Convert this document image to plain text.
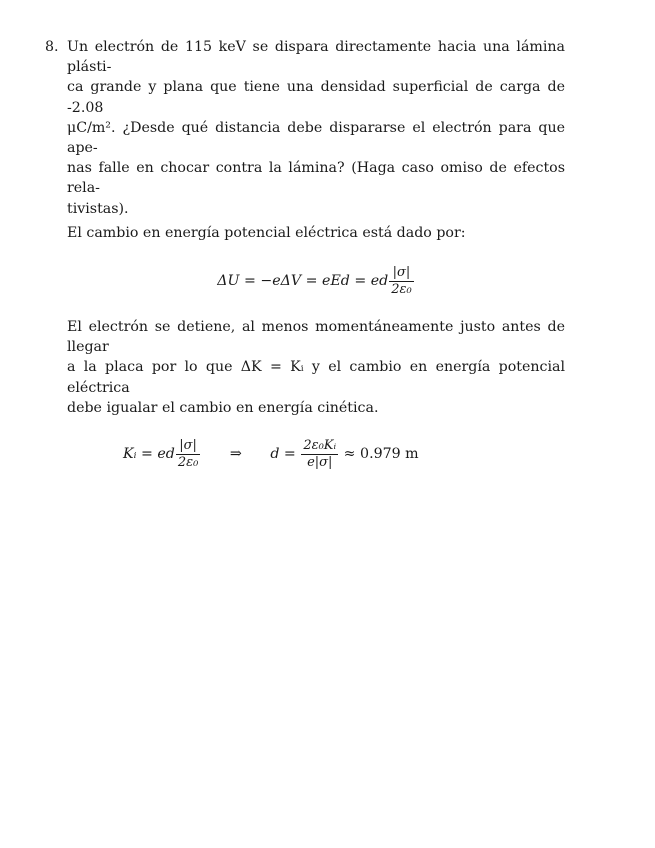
8. Un electrón de 115 keV se dispara directamente hacia una lámina plásti-
ca grande y plana que tiene una densidad superficial de carga de -2.08
μC/m². ¿Desde qué distancia debe dispararse el electrón para que ape-
nas falle en chocar contra la lámina? (Haga caso omiso de efectos rela-
tivistas).

El cambio en energía potencial eléctrica está dado por:

ΔU = −eΔV = eEd = ed $\frac{|\sigma|}{\text{2ε₀}}$

El electrón se detiene, al menos momentáneamente justo antes de llegar
a la placa por lo que ΔK = Kᵢ y el cambio en energía potencial eléctrica
debe igualar el cambio en energía cinética.

Kᵢ = ed $\frac{|\sigma|}{\text{2ε₀}}$ ⇒ $d = \frac{\text{2ε₀Kᵢ}}{e|\sigma|} \approx 0.979$ m
